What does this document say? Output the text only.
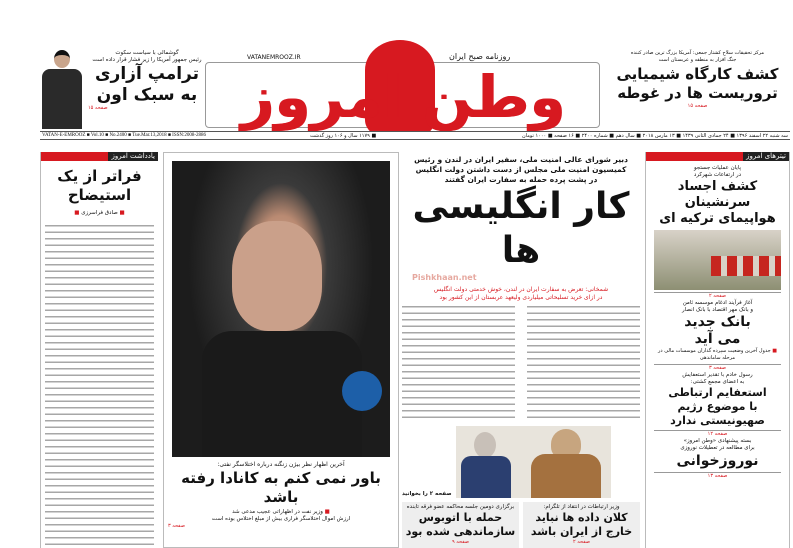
گوشمالی با سیاست سکوت
رئیس جمهور آمریکا را زیر فشار قرار داده است
ترامپ آزاری
به سبک اون
صفحه ۱۵	وطن امروز
روزنامه صبح ایران
VATANEMROOZ.IR
مرکز تحقیقات سلاح کشتار جمعی: آمریکا بزرگ ترین صادر کننده
جنگ افزار به منطقه و عربستان است
کشف کارگاه شیمیایی
تروریست ها در غوطه
صفحه ۱۵
VATAN-E-EMROOZ ■ Vol.10 ■ No.2400 ■ Tue.Mar.13,2018 ■ ISSN:2008-2886	■ ۱۱۷۹ سال و ۱۰۶ روز گذشت	سه شنبه ۲۲ اسفند ۱۳۹۶ ■ ۲۴ جمادی الثانی ۱۴۳۹ ■ ۱۳ مارس ۲۰۱۸ ■ سال دهم ■ شماره ۲۴۰۰ ■ ۱۶ صفحه ■ ۱۰۰۰ تومان
یادداشت امروز
فراتر از یک
استیضاح
■ صادق فراسرزی ■
آخرین اظهار نظر بیژن زنگنه درباره اختلاسگر نفتی:
باور نمی کنم به کانادا رفته باشد
■ وزیر نفت در اظهاراتی عجیب مدعی شد
ارزش اموال اختلاسگر فراری بیش از مبلغ اختلاس بوده است
صفحه ۳
دبیر شورای عالی امنیت ملی، سفیر ایران در لندن و رئیس
کمیسیون امنیت ملی مجلس از دست داشتن دولت انگلیس
در پشت پرده حمله به سفارت ایران گفتند
کار انگلیسی ها
Pishkhaan.net
شمخانی: تعرض به سفارت ایران در لندن، خوش خدمتی دولت انگلیس
در ازای خرید تسلیحاتی میلیاردی ولیعهد عربستان از این کشور بود
صفحه ۲ را بخوانید
وزیر ارتباطات در انتقاد از تلگرام:
کلان داده ها نباید
خارج از ایران باشد
صفحه ۲
برگزاری دومین جلسه محاکمه عضو فرقه تابنده
حمله با اتوبوس
سازماندهی شده بود
صفحه ۹
تیترهای امروز
پایان عملیات جستجو
در ارتفاعات شهرکرد
کشف اجساد
سرنشینان
هواپیمای ترکیه ای
صفحه ۲
آغاز فرآیند ادغام موسسه ثامن
و بانک مهر اقتصاد با بانک انصار
بانک جدید
می آید
■ جدول آخرین وضعیت سپرده گذاران موسسات مالی در مرحله ساماندهی
صفحه ۳
رسول خادم با تقدیر استعفایش
به اعضای مجمع کشتی:
استعفایم ارتباطی
با موضوع رژیم
صهیونیستی ندارد
صفحه ۱۲
بسته پیشنهادی «وطن امروز»
برای مطالعه در تعطیلات نوروزی
نوروزخوانی
صفحه ۱۳
